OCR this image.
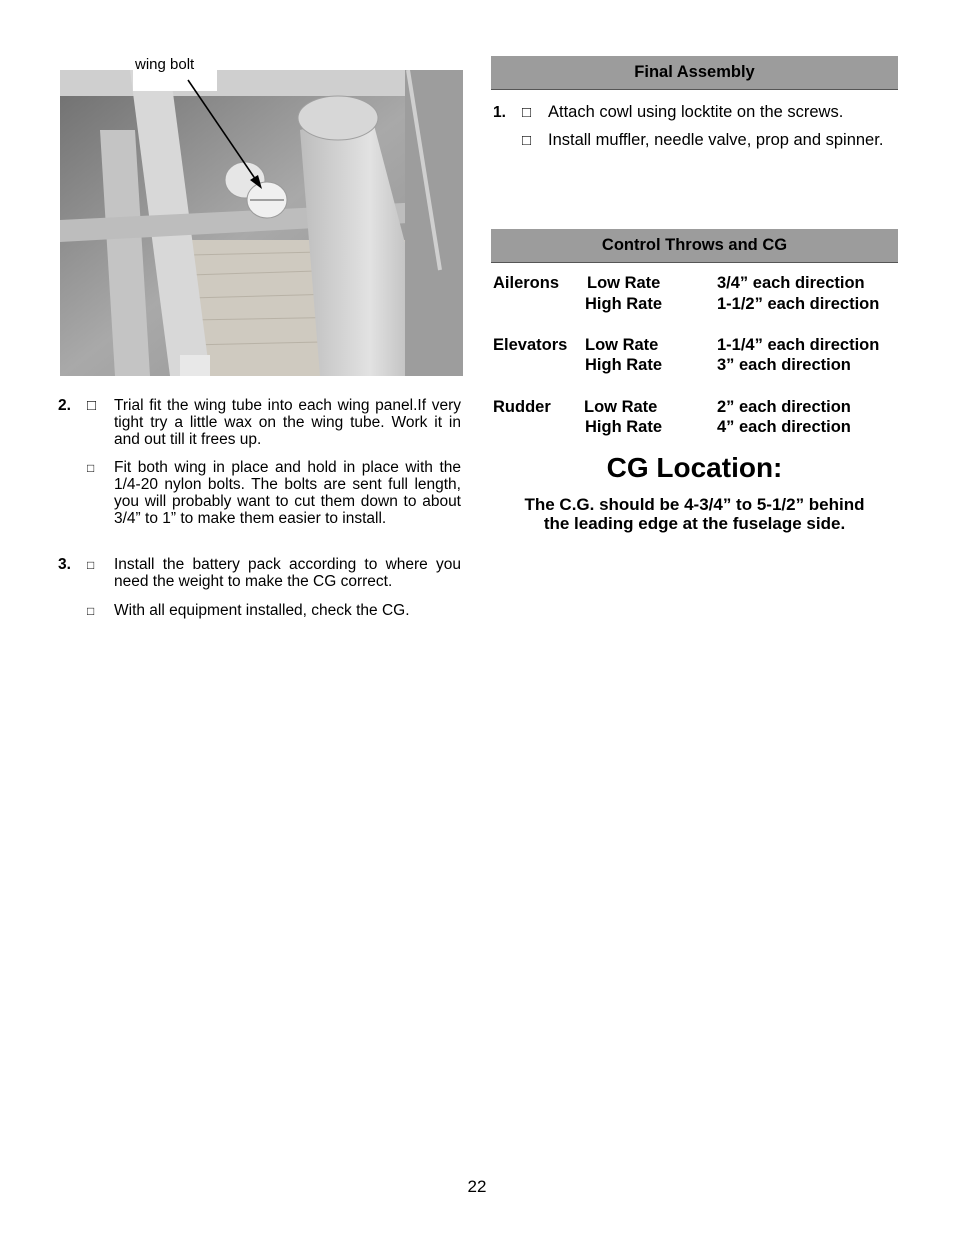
wing bolt
2. □ Trial fit the wing tube into each wing panel.If very tight try a little wax on the wing tube. Work it in and out till it frees up.
□ Fit both wing in place and hold in place with the 1/4-20 nylon bolts. The bolts are sent full length, you will probably want to cut them down to about 3/4” to 1” to make them easier to install.
3. □ Install the battery pack according to where you need the weight to make the CG correct.
□ With all equipment installed, check the CG.
Final Assembly
1. □ Attach cowl using locktite on the screws.
□ Install muffler, needle valve, prop and spinner.
Control Throws and CG
Ailerons Low Rate	3/4” each direction
High Rate	1-1/2” each direction
Elevators Low Rate	1-1/4” each direction
High Rate	3” each direction
Rudder Low Rate	2” each direction
High Rate	4” each direction
CG Location:
The C.G. should be 4-3/4” to 5-1/2” behind
the leading edge at the fuselage side.
22
